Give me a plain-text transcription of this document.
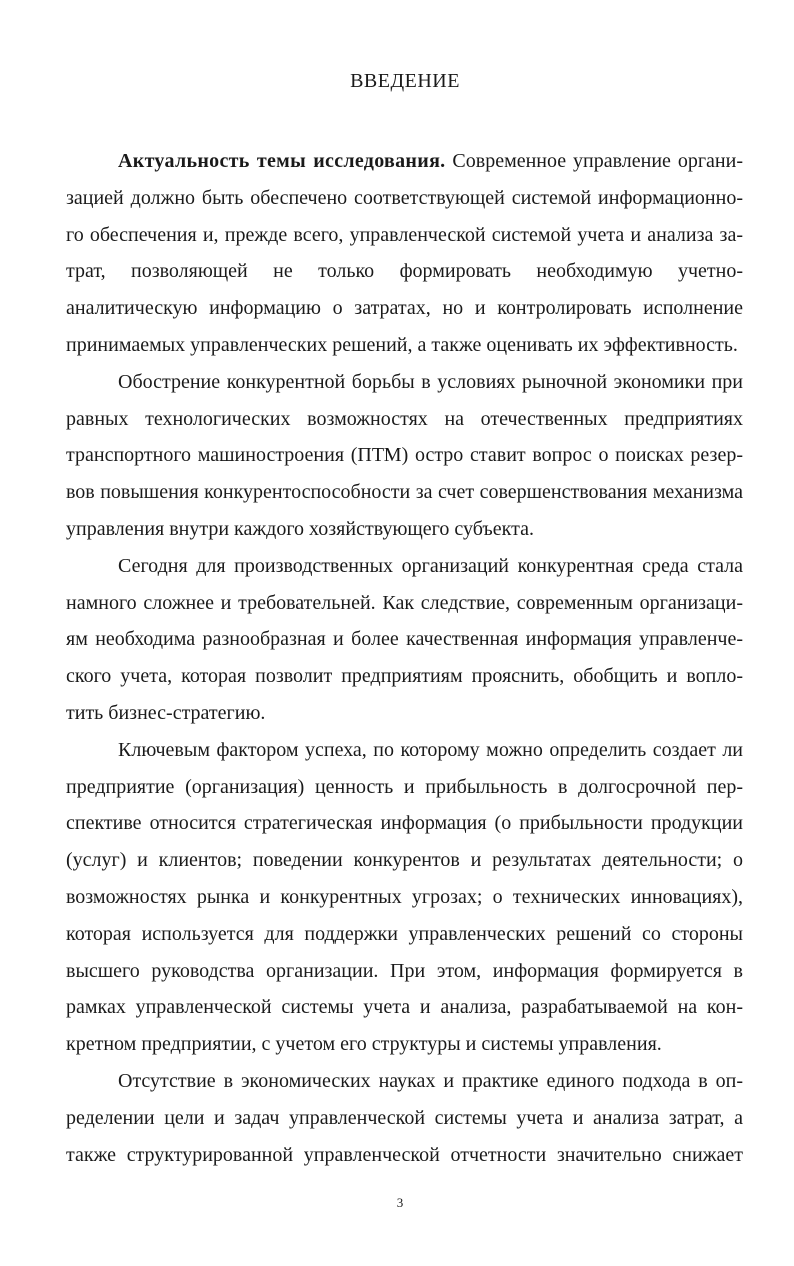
ВВЕДЕНИЕ

Актуальность темы исследования. Современное управление органи-

зацией должно быть обеспечено соответствующей системой информационно-

го обеспечения и, прежде всего, управленческой системой учета и анализа за-

трат, позволяющей не только формировать необходимую учетно-

аналитическую информацию о затратах, но и контролировать исполнение

принимаемых управленческих решений, а также оценивать их эффективность.

Обострение конкурентной борьбы в условиях рыночной экономики при

равных технологических возможностях на отечественных предприятиях

транспортного машиностроения (ПТМ) остро ставит вопрос о поисках резер-

вов повышения конкурентоспособности за счет совершенствования механизма

управления внутри каждого хозяйствующего субъекта.

Сегодня для производственных организаций конкурентная среда стала

намного сложнее и требовательней. Как следствие, современным организаци-

ям необходима разнообразная и более качественная информация управленче-

ского учета, которая позволит предприятиям прояснить, обобщить и вопло-

тить бизнес-стратегию.

Ключевым фактором успеха, по которому можно определить создает ли

предприятие (организация) ценность и прибыльность в долгосрочной пер-

спективе относится стратегическая информация (о прибыльности продукции

(услуг) и клиентов; поведении конкурентов и результатах деятельности; о

возможностях рынка и конкурентных угрозах; о технических инновациях),

которая используется для поддержки управленческих решений со стороны

высшего руководства организации. При этом, информация формируется в

рамках управленческой системы учета и анализа, разрабатываемой на кон-

кретном предприятии, с учетом его структуры и системы управления.

Отсутствие в экономических науках и практике единого подхода в оп-

ределении цели и задач управленческой системы учета и анализа затрат, а

также структурированной управленческой отчетности значительно снижает

3
